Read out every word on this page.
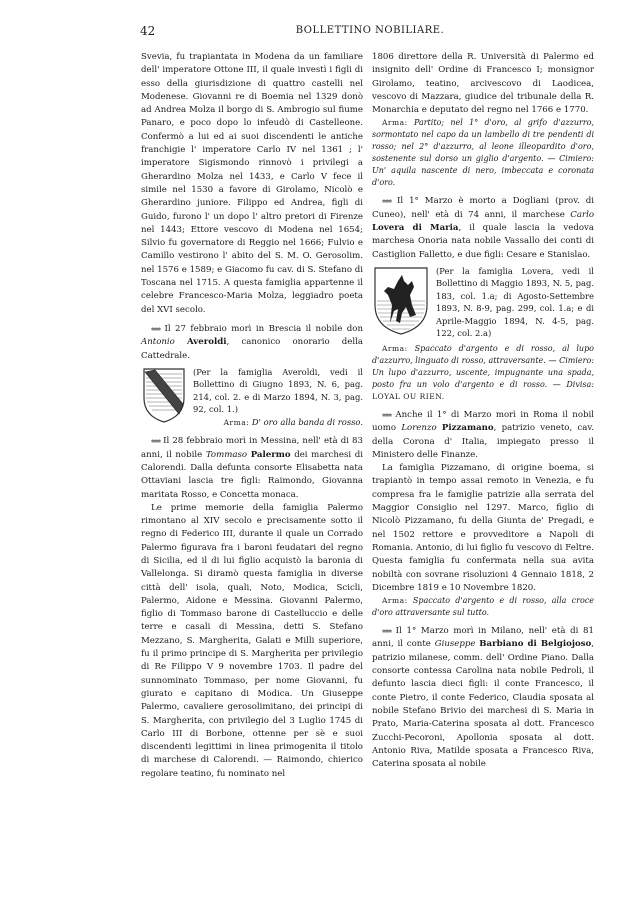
42	BOLLETTINO NOBILIARE.

Svevia, fu trapiantata in Modena da un familiare dell' imperatore Ottone III, il quale investì i figli di esso della giurisdizione di quattro castelli nel Modenese. Giovanni re di Boemia nel 1329 donò ad Andrea Molza il borgo di S. Ambrogio sul fiume Panaro, e poco dopo lo infeudò di Castelleone. Confermò a lui ed ai suoi discendenti le antiche franchigie l' imperatore Carlo IV nel 1361 ; l' imperatore Sigismondo rinnovò i privilegi a Gherardino Molza nel 1433, e Carlo V fece il simile nel 1530 a favore di Girolamo, Nicolò e Gherardino juniore. Filippo ed Andrea, figli di Guido, furono l' un dopo l' altro pretori di Firenze nel 1443; Ettore vescovo di Modena nel 1654; Silvio fu governatore di Reggio nel 1666; Fulvio e Camillo vestirono l' abito del S. M. O. Gerosolim. nel 1576 e 1589; e Giacomo fu cav. di S. Stefano di Toscana nel 1715. A questa famiglia appartenne il celebre Francesco-Maria Molza, leggiadro poeta del XVI secolo.

⁎⁎⁎ Il 27 febbraio morì in Brescia il nobile don Antonio Averoldi, canonico onorario della Cattedrale.

(Per la famiglia Averoldi, vedi il Bollettino di Giugno 1893, N. 6, pag. 214, col. 2. e di Marzo 1894, N. 3, pag. 92, col. 1.)
Arma: D' oro alla banda di rosso.

⁎⁎⁎ Il 28 febbraio morì in Messina, nell' età di 83 anni, il nobile Tommaso Palermo dei marchesi di Calorendi. Dalla defunta consorte Elisabetta nata Ottaviani lascia tre figli: Raimondo, Giovanna maritata Rosso, e Concetta monaca.

Le prime memorie della famiglia Palermo rimontano al XIV secolo e precisamente sotto il regno di Federico III, durante il quale un Corrado Palermo figurava fra i baroni feudatari del regno di Sicilia, ed il di lui figlio acquistò la baronia di Vallelonga. Si diramò questa famiglia in diverse città dell' isola, quali, Noto, Modica, Scicli, Palermo, Aidone e Messina. Giovanni Palermo, figlio di Tommaso barone di Castelluccio e delle terre e casali di Messina, detti S. Stefano Mezzano, S. Margherita, Galati e Milli superiore, fu il primo principe di S. Margherita per privilegio di Re Filippo V 9 novembre 1703. Il padre del sunnominato Tommaso, per nome Giovanni, fu giurato e capitano di Modica. Un Giuseppe Palermo, cavaliere gerosolimitano, dei principi di S. Margherita, con privilegio del 3 Luglio 1745 di Carlo III di Borbone, ottenne per sè e suoi discendenti legittimi in linea primogenita il titolo di marchese di Calorendi. — Raimondo, chierico regolare teatino, fu nominato nel

1806 direttore della R. Università di Palermo ed insignito dell' Ordine di Francesco I; monsignor Girolamo, teatino, arcivescovo di Laodicea, vescovo di Mazzara, giudice del tribunale della R. Monarchia e deputato del regno nel 1766 e 1770.

Arma: Partito; nel 1° d'oro, al grifo d'azzurro, sormontato nel capo da un lambello di tre pendenti di rosso; nel 2° d'azzurro, al leone illeopardito d'oro, sostenente sul dorso un giglio d'argento. — Cimiero: Un' aquila nascente di nero, imbeccata e coronata d'oro.

⁎⁎⁎ Il 1° Marzo è morto a Dogliani (prov. di Cuneo), nell' età di 74 anni, il marchese Carlo Lovera di Maria, il quale lascia la vedova marchesa Onoria nata nobile Vassallo dei conti di Castiglion Falletto, e due figli: Cesare e Stanislao.

(Per la famiglia Lovera, vedi il Bollettino di Maggio 1893, N. 5, pag. 183, col. 1.a; di Agosto-Settembre 1893, N. 8-9, pag. 299, col. 1.a; e di Aprile-Maggio 1894, N. 4-5, pag. 122, col. 2.a)

Arma: Spaccato d'argento e di rosso, al lupo d'azzurro, linguato di rosso, attraversante. — Cimiero: Un lupo d'azzurro, uscente, impugnante una spada, posto fra un volo d'argento e di rosso. — Divisa: LOYAL OU RIEN.

⁎⁎⁎ Anche il 1° di Marzo morì in Roma il nobil uomo Lorenzo Pizzamano, patrizio veneto, cav. della Corona d' Italia, impiegato presso il Ministero delle Finanze.

La famiglia Pizzamano, di origine boema, si trapiantò in tempo assai remoto in Venezia, e fu compresa fra le famiglie patrizie alla serrata del Maggior Consiglio nel 1297. Marco, figlio di Nicolò Pizzamano, fu della Giunta de' Pregadi, e nel 1502 rettore e provveditore a Napoli di Romania. Antonio, di lui figlio fu vescovo di Feltre. Questa famiglia fu confermata nella sua avita nobiltà con sovrane risoluzioni 4 Gennaio 1818, 2 Dicembre 1819 e 10 Novembre 1820.

Arma: Spaccato d'argento e di rosso, alla croce d'oro attraversante sul tutto.

⁎⁎⁎ Il 1° Marzo morì in Milano, nell' età di 81 anni, il conte Giuseppe Barbiano di Belgiojoso, patrizio milanese, comm. dell' Ordine Piano. Dalla consorte contessa Carolina nata nobile Pedroli, il defunto lascia dieci figli: il conte Francesco, il conte Pietro, il conte Federico, Claudia sposata al nobile Stefano Brivio dei marchesi di S. Maria in Prato, Maria-Caterina sposata al dott. Francesco Zucchi-Pecoroni, Apollonia sposata al dott. Antonio Riva, Matilde sposata a Francesco Riva, Caterina sposata al nobile
